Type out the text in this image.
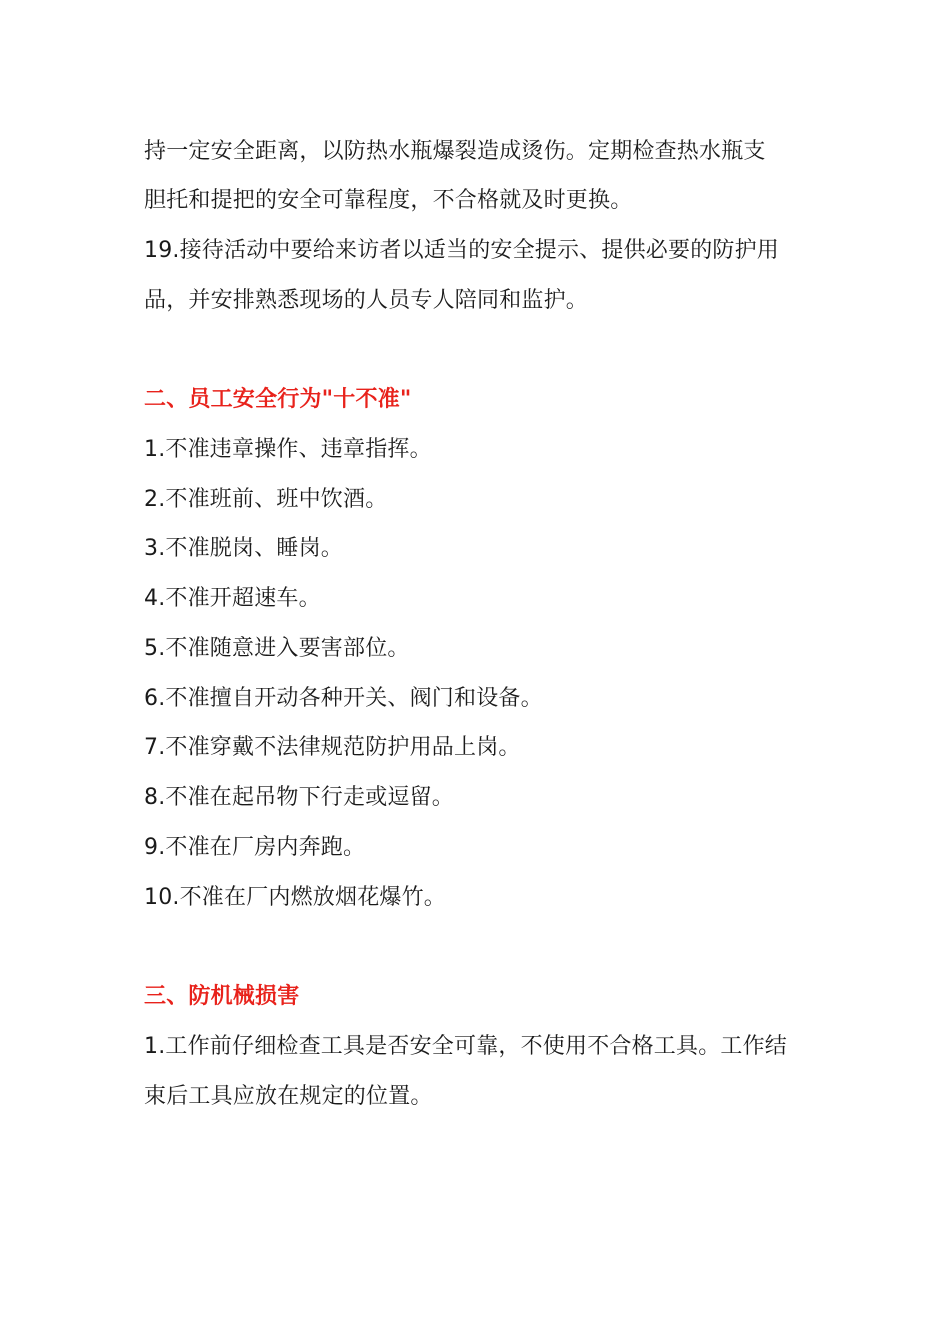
持一定安全距离，以防热水瓶爆裂造成烫伤。定期检查热水瓶支
胆托和提把的安全可靠程度，不合格就及时更换。
19.接待活动中要给来访者以适当的安全提示、提供必要的防护用
品，并安排熟悉现场的人员专人陪同和监护。
二、员工安全行为"十不准"
1.不准违章操作、违章指挥。
2.不准班前、班中饮酒。
3.不准脱岗、睡岗。
4.不准开超速车。
5.不准随意进入要害部位。
6.不准擅自开动各种开关、阀门和设备。
7.不准穿戴不法律规范防护用品上岗。
8.不准在起吊物下行走或逗留。
9.不准在厂房内奔跑。
10.不准在厂内燃放烟花爆竹。
三、防机械损害
1.工作前仔细检查工具是否安全可靠，不使用不合格工具。工作结
束后工具应放在规定的位置。
